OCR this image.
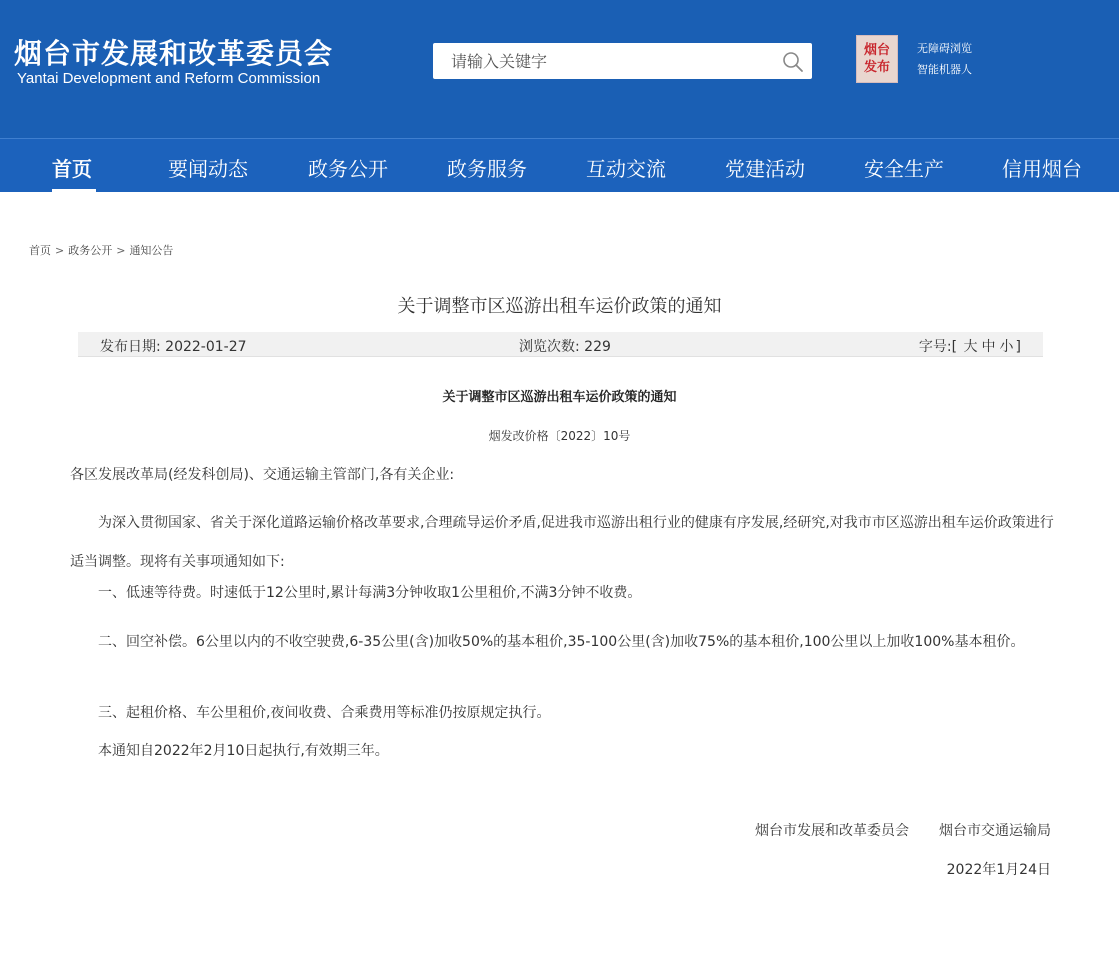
烟台市发展和改革委员会
Yantai Development and Reform Commission
请输入关键字
烟台
发布
无障碍浏览
智能机器人
首页	要闻动态	政务公开	政务服务	互动交流	党建活动	安全生产	信用烟台
首页 > 政务公开 > 通知公告
关于调整市区巡游出租车运价政策的通知
发布日期: 2022-01-27	浏览次数: 229	字号:[ 大 中 小 ]
关于调整市区巡游出租车运价政策的通知
烟发改价格〔2022〕10号

各区发展改革局(经发科创局)、交通运输主管部门,各有关企业:

为深入贯彻国家、省关于深化道路运输价格改革要求,合理疏导运价矛盾,促进我市巡游出租行业的健康有序发展,经研究,对我市市区巡游出租车运价政策进行适当调整。现将有关事项通知如下:

一、低速等待费。时速低于12公里时,累计每满3分钟收取1公里租价,不满3分钟不收费。

二、回空补偿。6公里以内的不收空驶费,6-35公里(含)加收50%的基本租价,35-100公里(含)加收75%的基本租价,100公里以上加收100%基本租价。

三、起租价格、车公里租价,夜间收费、合乘费用等标准仍按原规定执行。

本通知自2022年2月10日起执行,有效期三年。

烟台市发展和改革委员会 烟台市交通运输局
2022年1月24日
